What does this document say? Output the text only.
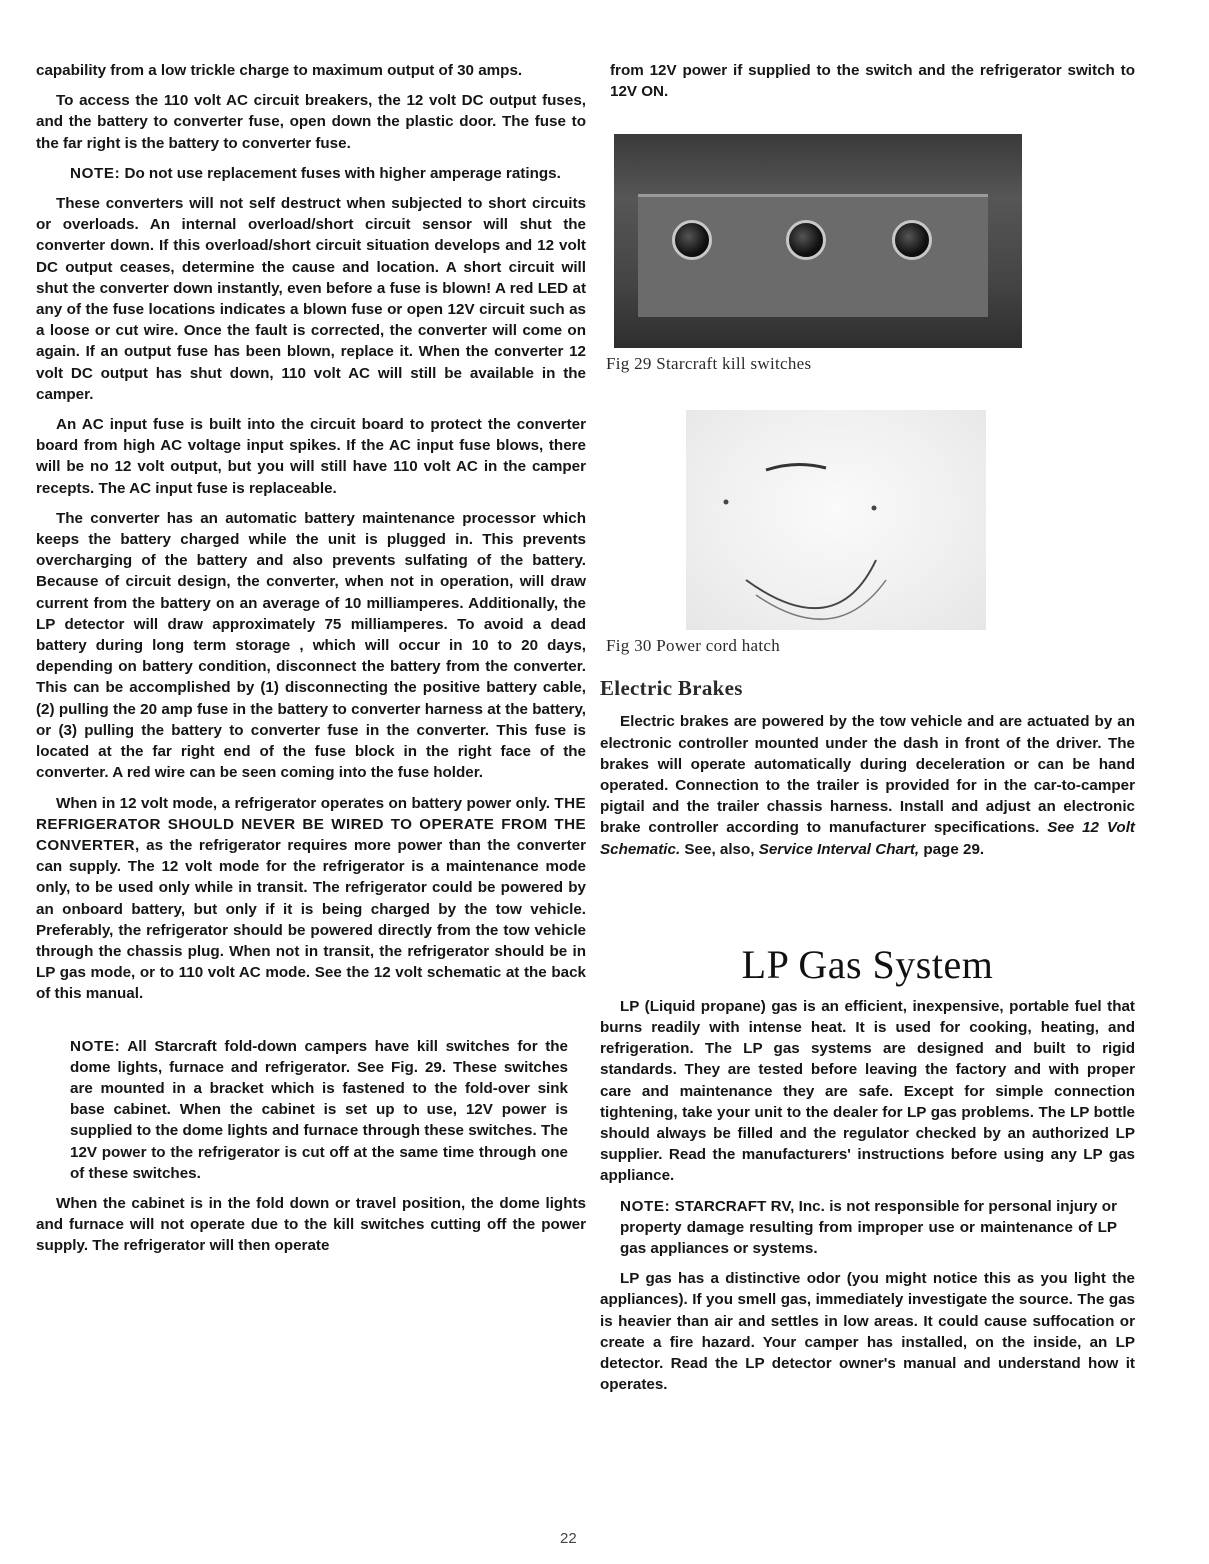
capability from a low trickle charge to maximum output of 30 amps.

To access the 110 volt AC circuit breakers, the 12 volt DC output fuses, and the battery to converter fuse, open down the plastic door. The fuse to the far right is the battery to converter fuse.

NOTE: Do not use replacement fuses with higher amperage ratings.

These converters will not self destruct when subjected to short circuits or overloads. An internal overload/short circuit sensor will shut the converter down. If this overload/short circuit situation develops and 12 volt DC output ceases, determine the cause and location. A short circuit will shut the converter down instantly, even before a fuse is blown! A red LED at any of the fuse locations indicates a blown fuse or open 12V circuit such as a loose or cut wire. Once the fault is corrected, the converter will come on again. If an output fuse has been blown, replace it. When the converter 12 volt DC output has shut down, 110 volt AC will still be available in the camper.

An AC input fuse is built into the circuit board to protect the converter board from high AC voltage input spikes. If the AC input fuse blows, there will be no 12 volt output, but you will still have 110 volt AC in the camper recepts. The AC input fuse is replaceable.

The converter has an automatic battery maintenance processor which keeps the battery charged while the unit is plugged in. This prevents overcharging of the battery and also prevents sulfating of the battery. Because of circuit design, the converter, when not in operation, will draw current from the battery on an average of 10 milliamperes. Additionally, the LP detector will draw approximately 75 milliamperes. To avoid a dead battery during long term storage , which will occur in 10 to 20 days, depending on battery condition, disconnect the battery from the converter. This can be accomplished by (1) disconnecting the positive battery cable, (2) pulling the 20 amp fuse in the battery to converter harness at the battery, or (3) pulling the battery to converter fuse in the converter. This fuse is located at the far right end of the fuse block in the right face of the converter. A red wire can be seen coming into the fuse holder.

When in 12 volt mode, a refrigerator operates on battery power only. THE REFRIGERATOR SHOULD NEVER BE WIRED TO OPERATE FROM THE CONVERTER, as the refrigerator requires more power than the converter can supply. The 12 volt mode for the refrigerator is a maintenance mode only, to be used only while in transit. The refrigerator could be powered by an onboard battery, but only if it is being charged by the tow vehicle. Preferably, the refrigerator should be powered directly from the tow vehicle through the chassis plug. When not in transit, the refrigerator should be in LP gas mode, or to 110 volt AC mode. See the 12 volt schematic at the back of this manual.

NOTE: All Starcraft fold-down campers have kill switches for the dome lights, furnace and refrigerator. See Fig. 29. These switches are mounted in a bracket which is fastened to the fold-over sink base cabinet. When the cabinet is set up to use, 12V power is supplied to the dome lights and furnace through these switches. The 12V power to the refrigerator is cut off at the same time through one of these switches.

When the cabinet is in the fold down or travel position, the dome lights and furnace will not operate due to the kill switches cutting off the power supply. The refrigerator will then operate

from 12V power if supplied to the switch and the refrigerator switch to 12V ON.

Fig 29 Starcraft kill switches
Fig 30 Power cord hatch
Electric Brakes

Electric brakes are powered by the tow vehicle and are actuated by an electronic controller mounted under the dash in front of the driver. The brakes will operate automatically during deceleration or can be hand operated. Connection to the trailer is provided for in the car-to-camper pigtail and the trailer chassis harness. Install and adjust an electronic brake controller according to manufacturer specifications. See 12 Volt Schematic. See, also, Service Interval Chart, page 29.

LP Gas System

LP (Liquid propane) gas is an efficient, inexpensive, portable fuel that burns readily with intense heat. It is used for cooking, heating, and refrigeration. The LP gas systems are designed and built to rigid standards. They are tested before leaving the factory and with proper care and maintenance they are safe. Except for simple connection tightening, take your unit to the dealer for LP gas problems. The LP bottle should always be filled and the regulator checked by an authorized LP supplier. Read the manufacturers' instructions before using any LP gas appliance.

NOTE: STARCRAFT RV, Inc. is not responsible for personal injury or property damage resulting from improper use or maintenance of LP gas appliances or systems.

LP gas has a distinctive odor (you might notice this as you light the appliances). If you smell gas, immediately investigate the source. The gas is heavier than air and settles in low areas. It could cause suffocation or create a fire hazard. Your camper has installed, on the inside, an LP detector. Read the LP detector owner's manual and understand how it operates.

22
